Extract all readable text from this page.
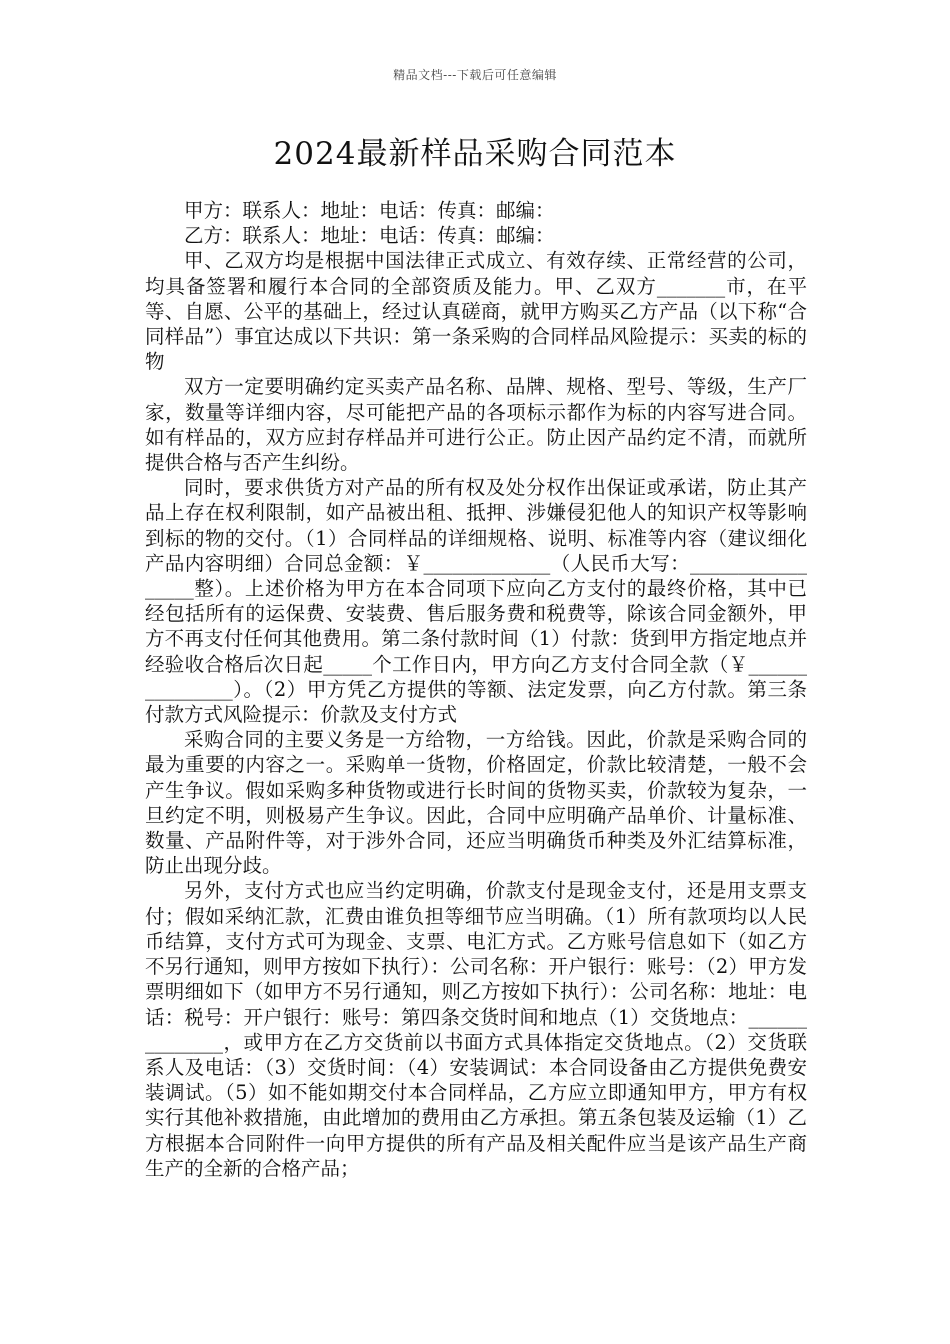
精品文档---下载后可任意编辑
2024最新样品采购合同范本

甲方：联系人：地址：电话：传真：邮编：

乙方：联系人：地址：电话：传真：邮编：

甲、乙双方均是根据中国法律正式成立、有效存续、正常经营的公司，均具备签署和履行本合同的全部资质及能力。甲、乙双方_______市，在平等、自愿、公平的基础上，经过认真磋商，就甲方购买乙方产品（以下称“合同样品”）事宜达成以下共识：第一条采购的合同样品风险提示：买卖的标的物

双方一定要明确约定买卖产品名称、品牌、规格、型号、等级，生产厂家，数量等详细内容，尽可能把产品的各项标示都作为标的内容写进合同。如有样品的，双方应封存样品并可进行公正。防止因产品约定不清，而就所提供合格与否产生纠纷。

同时，要求供货方对产品的所有权及处分权作出保证或承诺，防止其产品上存在权利限制，如产品被出租、抵押、涉嫌侵犯他人的知识产权等影响到标的物的交付。（1）合同样品的详细规格、说明、标准等内容（建议细化产品内容明细）合同总金额：￥_____________（人民币大写：_________________整）。上述价格为甲方在本合同项下应向乙方支付的最终价格，其中已经包括所有的运保费、安装费、售后服务费和税费等，除该合同金额外，甲方不再支付任何其他费用。第二条付款时间（1）付款：货到甲方指定地点并经验收合格后次日起_____个工作日内，甲方向乙方支付合同全款（￥_______________）。（2）甲方凭乙方提供的等额、法定发票，向乙方付款。第三条付款方式风险提示：价款及支付方式

采购合同的主要义务是一方给物，一方给钱。因此，价款是采购合同的最为重要的内容之一。采购单一货物，价格固定，价款比较清楚，一般不会产生争议。假如采购多种货物或进行长时间的货物买卖，价款较为复杂，一旦约定不明，则极易产生争议。因此，合同中应明确产品单价、计量标准、数量、产品附件等，对于涉外合同，还应当明确货币种类及外汇结算标准，防止出现分歧。

另外，支付方式也应当约定明确，价款支付是现金支付，还是用支票支付；假如采纳汇款，汇费由谁负担等细节应当明确。（1）所有款项均以人民币结算，支付方式可为现金、支票、电汇方式。乙方账号信息如下（如乙方不另行通知，则甲方按如下执行）：公司名称：开户银行：账号：（2）甲方发票明细如下（如甲方不另行通知，则乙方按如下执行）：公司名称：地址：电话：税号：开户银行：账号：第四条交货时间和地点（1）交货地点：______________，或甲方在乙方交货前以书面方式具体指定交货地点。（2）交货联系人及电话：（3）交货时间：（4）安装调试：本合同设备由乙方提供免费安装调试。（5）如不能如期交付本合同样品，乙方应立即通知甲方，甲方有权实行其他补救措施，由此增加的费用由乙方承担。第五条包装及运输（1）乙方根据本合同附件一向甲方提供的所有产品及相关配件应当是该产品生产商生产的全新的合格产品；
